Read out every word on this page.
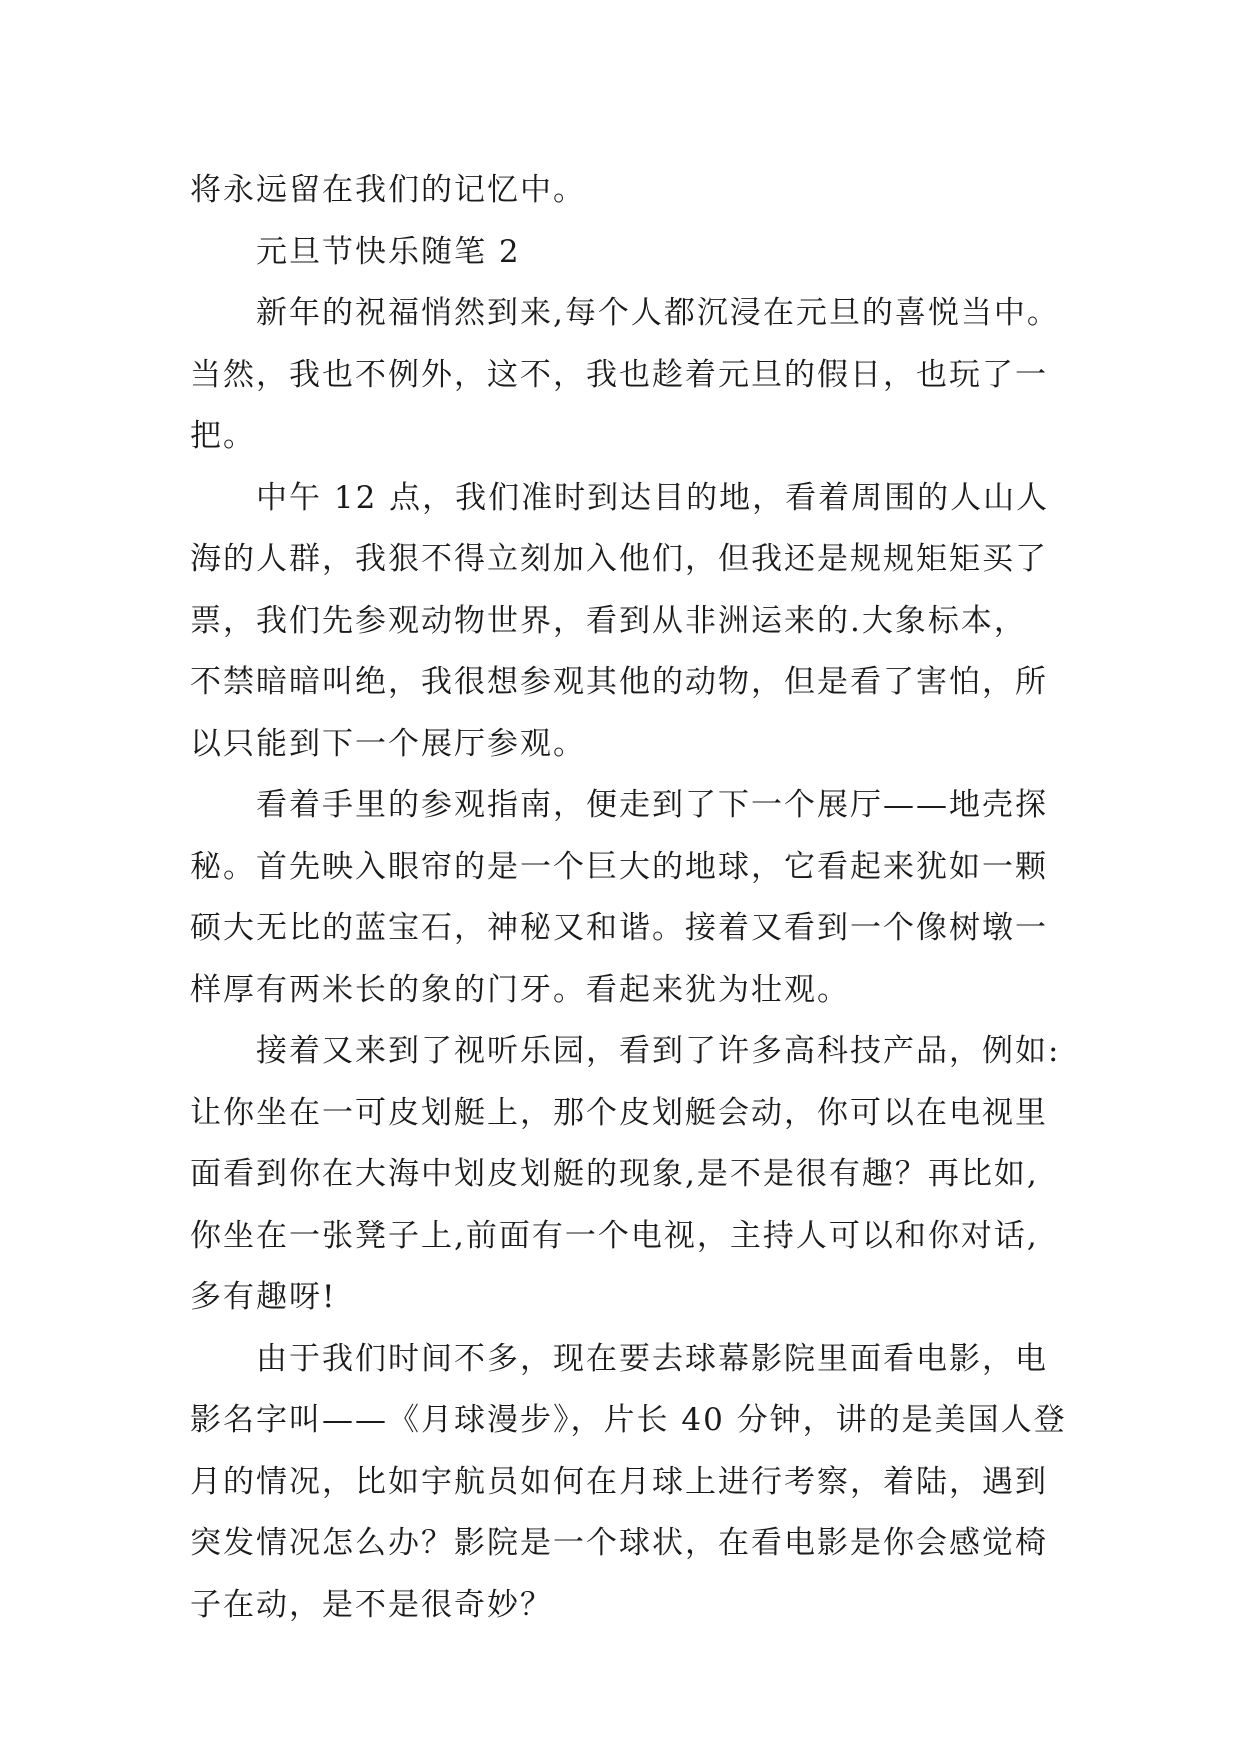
将永远留在我们的记忆中。
元旦节快乐随笔 2
新年的祝福悄然到来,每个人都沉浸在元旦的喜悦当中。
当然，我也不例外，这不，我也趁着元旦的假日，也玩了一
把。
中午 12 点，我们准时到达目的地，看着周围的人山人
海的人群，我狠不得立刻加入他们，但我还是规规矩矩买了
票，我们先参观动物世界，看到从非洲运来的.大象标本，
不禁暗暗叫绝，我很想参观其他的动物，但是看了害怕，所
以只能到下一个展厅参观。
看着手里的参观指南，便走到了下一个展厅——地壳探
秘。首先映入眼帘的是一个巨大的地球，它看起来犹如一颗
硕大无比的蓝宝石，神秘又和谐。接着又看到一个像树墩一
样厚有两米长的象的门牙。看起来犹为壮观。
接着又来到了视听乐园，看到了许多高科技产品，例如:
让你坐在一可皮划艇上，那个皮划艇会动，你可以在电视里
面看到你在大海中划皮划艇的现象,是不是很有趣？再比如,
你坐在一张凳子上,前面有一个电视，主持人可以和你对话,
多有趣呀!
由于我们时间不多，现在要去球幕影院里面看电影，电
影名字叫——《月球漫步》，片长 40 分钟，讲的是美国人登
月的情况，比如宇航员如何在月球上进行考察，着陆，遇到
突发情况怎么办？影院是一个球状，在看电影是你会感觉椅
子在动，是不是很奇妙？
